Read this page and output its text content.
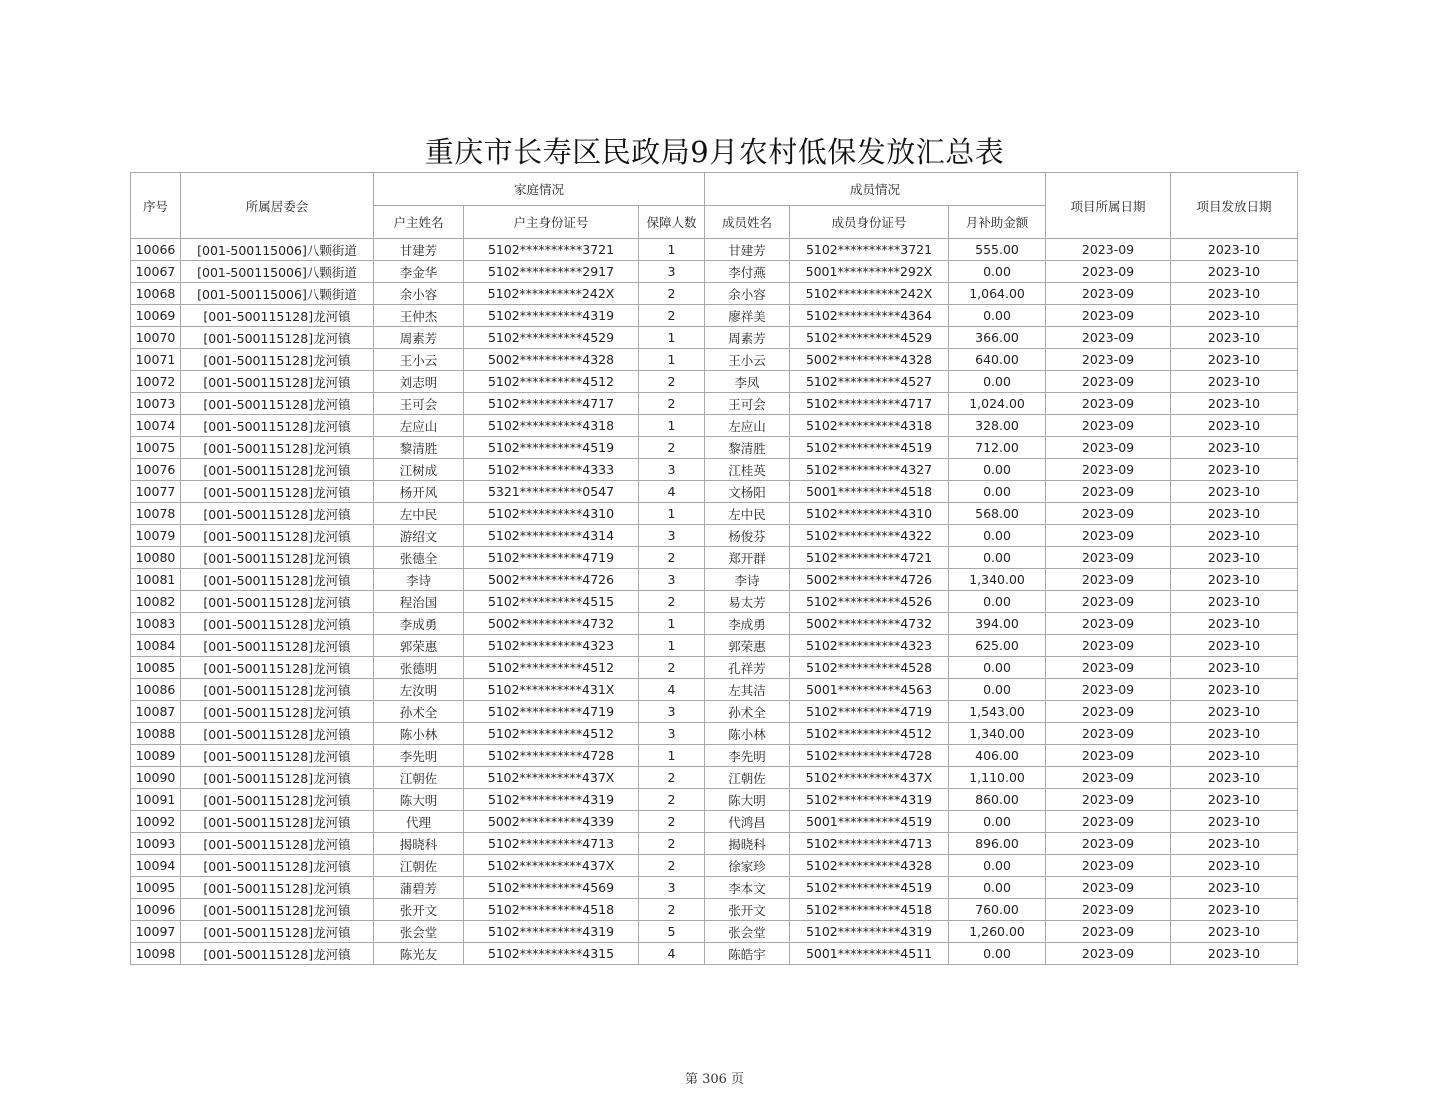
重庆市长寿区民政局9月农村低保发放汇总表
序号	所属居委会	家庭情况			成员情况			项目所属日期	项目发放日期
		户主姓名	户主身份证号	保障人数	成员姓名	成员身份证号	月补助金额		
10066	[001-500115006]八颗街道	甘建芳	5102**********3721	1	甘建芳	5102**********3721	555.00	2023-09	2023-10
10067	[001-500115006]八颗街道	李金华	5102**********2917	3	李付燕	5001**********292X	0.00	2023-09	2023-10
10068	[001-500115006]八颗街道	余小容	5102**********242X	2	余小容	5102**********242X	1,064.00	2023-09	2023-10
10069	[001-500115128]龙河镇	王仲杰	5102**********4319	2	廖祥美	5102**********4364	0.00	2023-09	2023-10
10070	[001-500115128]龙河镇	周素芳	5102**********4529	1	周素芳	5102**********4529	366.00	2023-09	2023-10
10071	[001-500115128]龙河镇	王小云	5002**********4328	1	王小云	5002**********4328	640.00	2023-09	2023-10
10072	[001-500115128]龙河镇	刘志明	5102**********4512	2	李凤	5102**********4527	0.00	2023-09	2023-10
10073	[001-500115128]龙河镇	王可会	5102**********4717	2	王可会	5102**********4717	1,024.00	2023-09	2023-10
10074	[001-500115128]龙河镇	左应山	5102**********4318	1	左应山	5102**********4318	328.00	2023-09	2023-10
10075	[001-500115128]龙河镇	黎清胜	5102**********4519	2	黎清胜	5102**********4519	712.00	2023-09	2023-10
10076	[001-500115128]龙河镇	江树成	5102**********4333	3	江桂英	5102**********4327	0.00	2023-09	2023-10
10077	[001-500115128]龙河镇	杨开风	5321**********0547	4	文杨阳	5001**********4518	0.00	2023-09	2023-10
10078	[001-500115128]龙河镇	左中民	5102**********4310	1	左中民	5102**********4310	568.00	2023-09	2023-10
10079	[001-500115128]龙河镇	游绍文	5102**********4314	3	杨俊芬	5102**********4322	0.00	2023-09	2023-10
10080	[001-500115128]龙河镇	张德全	5102**********4719	2	郑开群	5102**********4721	0.00	2023-09	2023-10
10081	[001-500115128]龙河镇	李诗	5002**********4726	3	李诗	5002**********4726	1,340.00	2023-09	2023-10
10082	[001-500115128]龙河镇	程治国	5102**********4515	2	易太芳	5102**********4526	0.00	2023-09	2023-10
10083	[001-500115128]龙河镇	李成勇	5002**********4732	1	李成勇	5002**********4732	394.00	2023-09	2023-10
10084	[001-500115128]龙河镇	郭荣惠	5102**********4323	1	郭荣惠	5102**********4323	625.00	2023-09	2023-10
10085	[001-500115128]龙河镇	张德明	5102**********4512	2	孔祥芳	5102**********4528	0.00	2023-09	2023-10
10086	[001-500115128]龙河镇	左汝明	5102**********431X	4	左其洁	5001**********4563	0.00	2023-09	2023-10
10087	[001-500115128]龙河镇	孙术全	5102**********4719	3	孙术全	5102**********4719	1,543.00	2023-09	2023-10
10088	[001-500115128]龙河镇	陈小林	5102**********4512	3	陈小林	5102**********4512	1,340.00	2023-09	2023-10
10089	[001-500115128]龙河镇	李先明	5102**********4728	1	李先明	5102**********4728	406.00	2023-09	2023-10
10090	[001-500115128]龙河镇	江朝佐	5102**********437X	2	江朝佐	5102**********437X	1,110.00	2023-09	2023-10
10091	[001-500115128]龙河镇	陈大明	5102**********4319	2	陈大明	5102**********4319	860.00	2023-09	2023-10
10092	[001-500115128]龙河镇	代理	5002**********4339	2	代鸿昌	5001**********4519	0.00	2023-09	2023-10
10093	[001-500115128]龙河镇	揭晓科	5102**********4713	2	揭晓科	5102**********4713	896.00	2023-09	2023-10
10094	[001-500115128]龙河镇	江朝佐	5102**********437X	2	徐家珍	5102**********4328	0.00	2023-09	2023-10
10095	[001-500115128]龙河镇	蒲碧芳	5102**********4569	3	李本文	5102**********4519	0.00	2023-09	2023-10
10096	[001-500115128]龙河镇	张开文	5102**********4518	2	张开文	5102**********4518	760.00	2023-09	2023-10
10097	[001-500115128]龙河镇	张会堂	5102**********4319	5	张会堂	5102**********4319	1,260.00	2023-09	2023-10
10098	[001-500115128]龙河镇	陈光友	5102**********4315	4	陈皓宇	5001**********4511	0.00	2023-09	2023-10
第 306 页
